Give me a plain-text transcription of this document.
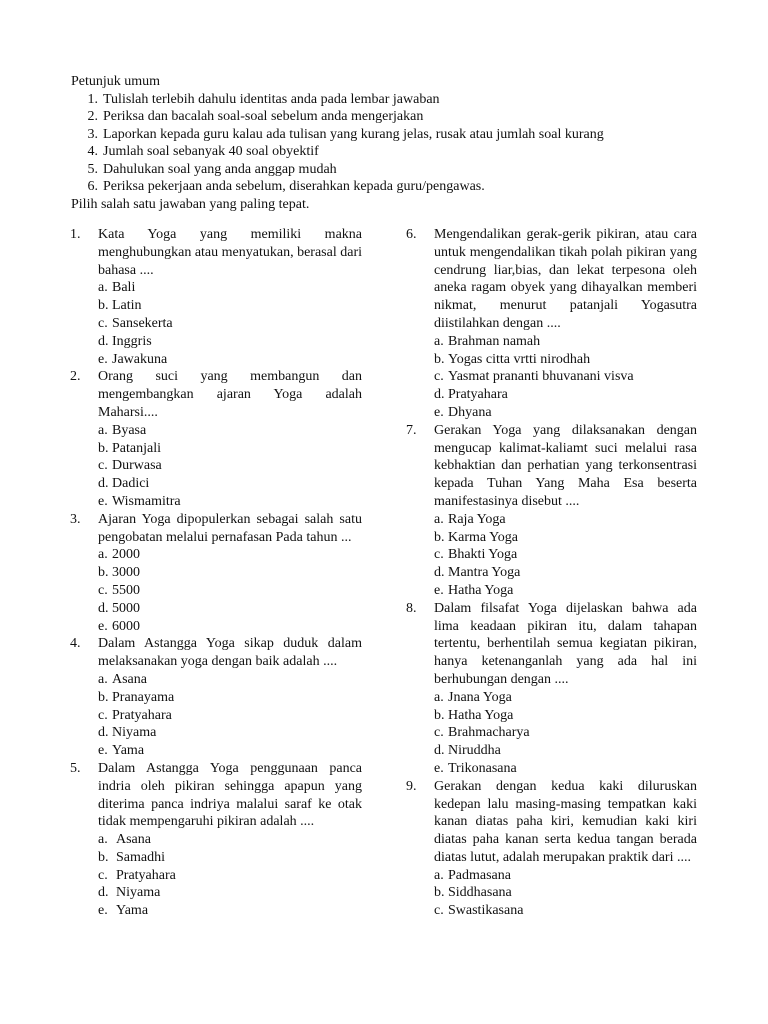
Petunjuk umum

1. Tulislah terlebih dahulu identitas anda pada lembar jawaban
2. Periksa dan bacalah soal-soal sebelum anda mengerjakan
3. Laporkan kepada guru kalau ada tulisan yang kurang jelas, rusak atau jumlah soal kurang
4. Jumlah soal sebanyak 40 soal obyektif
5. Dahulukan soal yang anda anggap mudah
6. Periksa pekerjaan anda sebelum, diserahkan kepada guru/pengawas.

Pilih salah satu jawaban yang paling tepat.

1.	Kata Yoga yang memiliki makna menghubungkan atau menyatukan, berasal dari bahasa ....
a. Bali
b. Latin
c. Sansekerta
d. Inggris
e. Jawakuna
2.	Orang suci yang membangun dan mengembangkan ajaran Yoga adalah Maharsi....
a. Byasa
b. Patanjali
c. Durwasa
d. Dadici
e. Wismamitra
3.	Ajaran Yoga dipopulerkan sebagai salah satu pengobatan melalui pernafasan Pada tahun ...
a. 2000
b. 3000
c. 5500
d. 5000
e. 6000
4.	Dalam Astangga Yoga sikap duduk dalam melaksanakan yoga dengan baik adalah ....
a. Asana
b. Pranayama
c. Pratyahara
d. Niyama
e. Yama
5.	Dalam Astangga Yoga penggunaan panca indria oleh pikiran sehingga apapun yang diterima panca indriya malalui saraf ke otak tidak mempengaruhi pikiran adalah ....
a. Asana
b. Samadhi
c. Pratyahara
d. Niyama
e. Yama
6.	Mengendalikan gerak-gerik pikiran, atau cara untuk mengendalikan tikah polah pikiran yang cendrung liar,bias, dan lekat terpesona oleh aneka ragam obyek yang dihayalkan memberi nikmat, menurut patanjali Yogasutra diistilahkan dengan ....
a. Brahman namah
b. Yogas citta vrtti nirodhah
c. Yasmat prananti bhuvanani visva
d. Pratyahara
e. Dhyana
7.	Gerakan Yoga yang dilaksanakan dengan mengucap kalimat-kaliamt suci melalui rasa kebhaktian dan perhatian yang terkonsentrasi kepada Tuhan Yang Maha Esa beserta manifestasinya disebut ....
a. Raja Yoga
b. Karma Yoga
c. Bhakti Yoga
d. Mantra Yoga
e. Hatha Yoga
8.	Dalam filsafat Yoga dijelaskan bahwa ada lima keadaan pikiran itu, dalam tahapan tertentu, berhentilah semua kegiatan pikiran, hanya ketenanganlah yang ada hal ini berhubungan dengan ....
a. Jnana Yoga
b. Hatha Yoga
c. Brahmacharya
d. Niruddha
e. Trikonasana
9.	Gerakan dengan kedua kaki diluruskan kedepan lalu masing-masing tempatkan kaki kanan diatas paha kiri, kemudian kaki kiri diatas paha kanan serta kedua tangan berada diatas lutut, adalah merupakan praktik dari ....
a. Padmasana
b. Siddhasana
c. Swastikasana
